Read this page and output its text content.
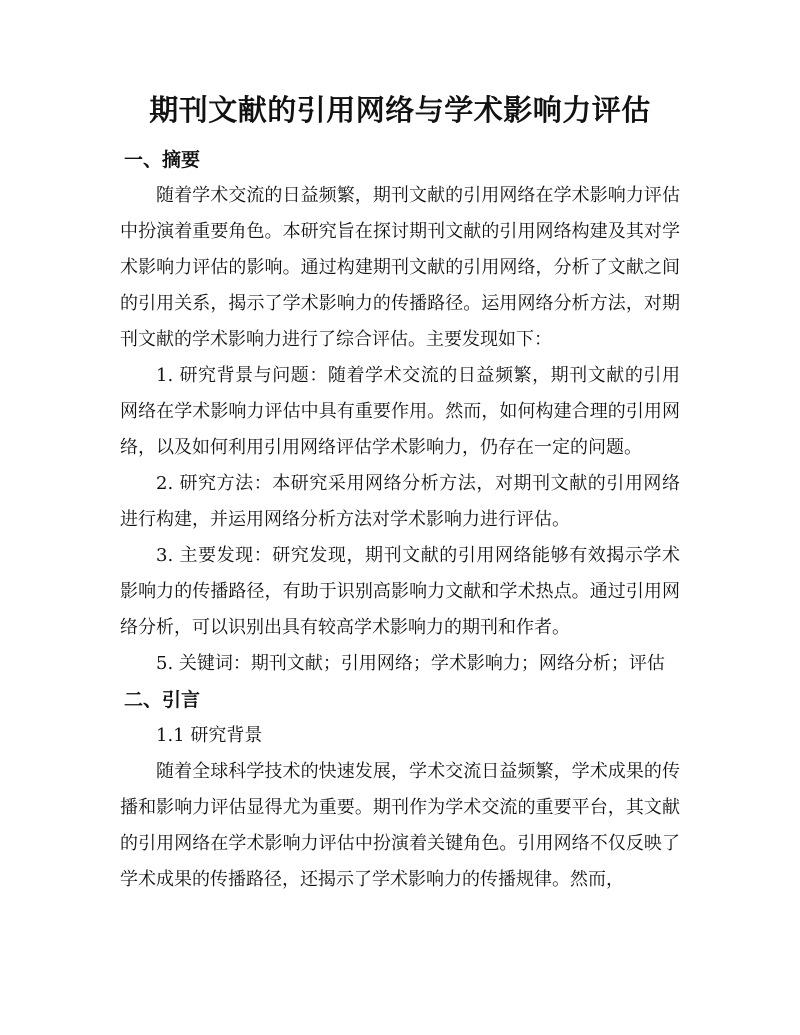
期刊文献的引用网络与学术影响力评估

一、摘要

随着学术交流的日益频繁，期刊文献的引用网络在学术影响力评估中扮演着重要角色。本研究旨在探讨期刊文献的引用网络构建及其对学术影响力评估的影响。通过构建期刊文献的引用网络，分析了文献之间的引用关系，揭示了学术影响力的传播路径。运用网络分析方法，对期刊文献的学术影响力进行了综合评估。主要发现如下：

1. 研究背景与问题：随着学术交流的日益频繁，期刊文献的引用网络在学术影响力评估中具有重要作用。然而，如何构建合理的引用网络，以及如何利用引用网络评估学术影响力，仍存在一定的问题。

2. 研究方法：本研究采用网络分析方法，对期刊文献的引用网络进行构建，并运用网络分析方法对学术影响力进行评估。

3. 主要发现：研究发现，期刊文献的引用网络能够有效揭示学术影响力的传播路径，有助于识别高影响力文献和学术热点。通过引用网络分析，可以识别出具有较高学术影响力的期刊和作者。

5. 关键词：期刊文献；引用网络；学术影响力；网络分析；评估

二、引言

1.1 研究背景

随着全球科学技术的快速发展，学术交流日益频繁，学术成果的传播和影响力评估显得尤为重要。期刊作为学术交流的重要平台，其文献的引用网络在学术影响力评估中扮演着关键角色。引用网络不仅反映了学术成果的传播路径，还揭示了学术影响力的传播规律。然而，
